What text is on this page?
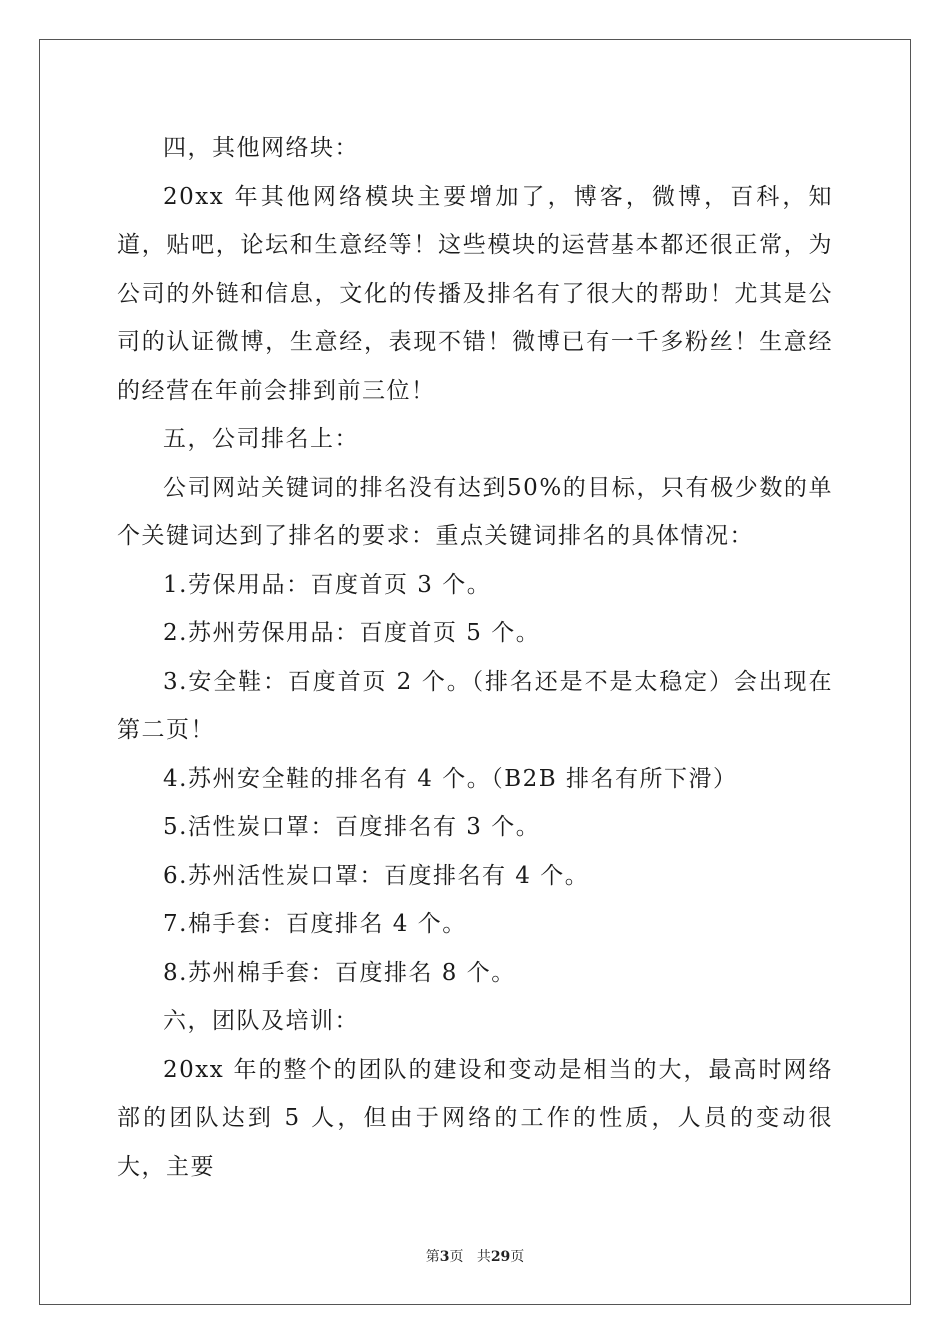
四，其他网络块：

20xx 年其他网络模块主要增加了，博客，微博，百科，知道，贴吧，论坛和生意经等！这些模块的运营基本都还很正常，为公司的外链和信息，文化的传播及排名有了很大的帮助！尤其是公司的认证微博，生意经，表现不错！微博已有一千多粉丝！生意经的经营在年前会排到前三位！

五，公司排名上：

公司网站关键词的排名没有达到50%的目标，只有极少数的单个关键词达到了排名的要求：重点关键词排名的具体情况：

1.劳保用品：百度首页 3 个。

2.苏州劳保用品：百度首页 5 个。

3.安全鞋：百度首页 2 个。（排名还是不是太稳定）会出现在第二页！

4.苏州安全鞋的排名有 4 个。（B2B 排名有所下滑）

5.活性炭口罩：百度排名有 3 个。

6.苏州活性炭口罩：百度排名有 4 个。

7.棉手套：百度排名 4 个。

8.苏州棉手套：百度排名 8 个。

六，团队及培训：

20xx 年的整个的团队的建设和变动是相当的大，最高时网络部的团队达到 5 人，但由于网络的工作的性质，人员的变动很大，主要

第3页 共29页
